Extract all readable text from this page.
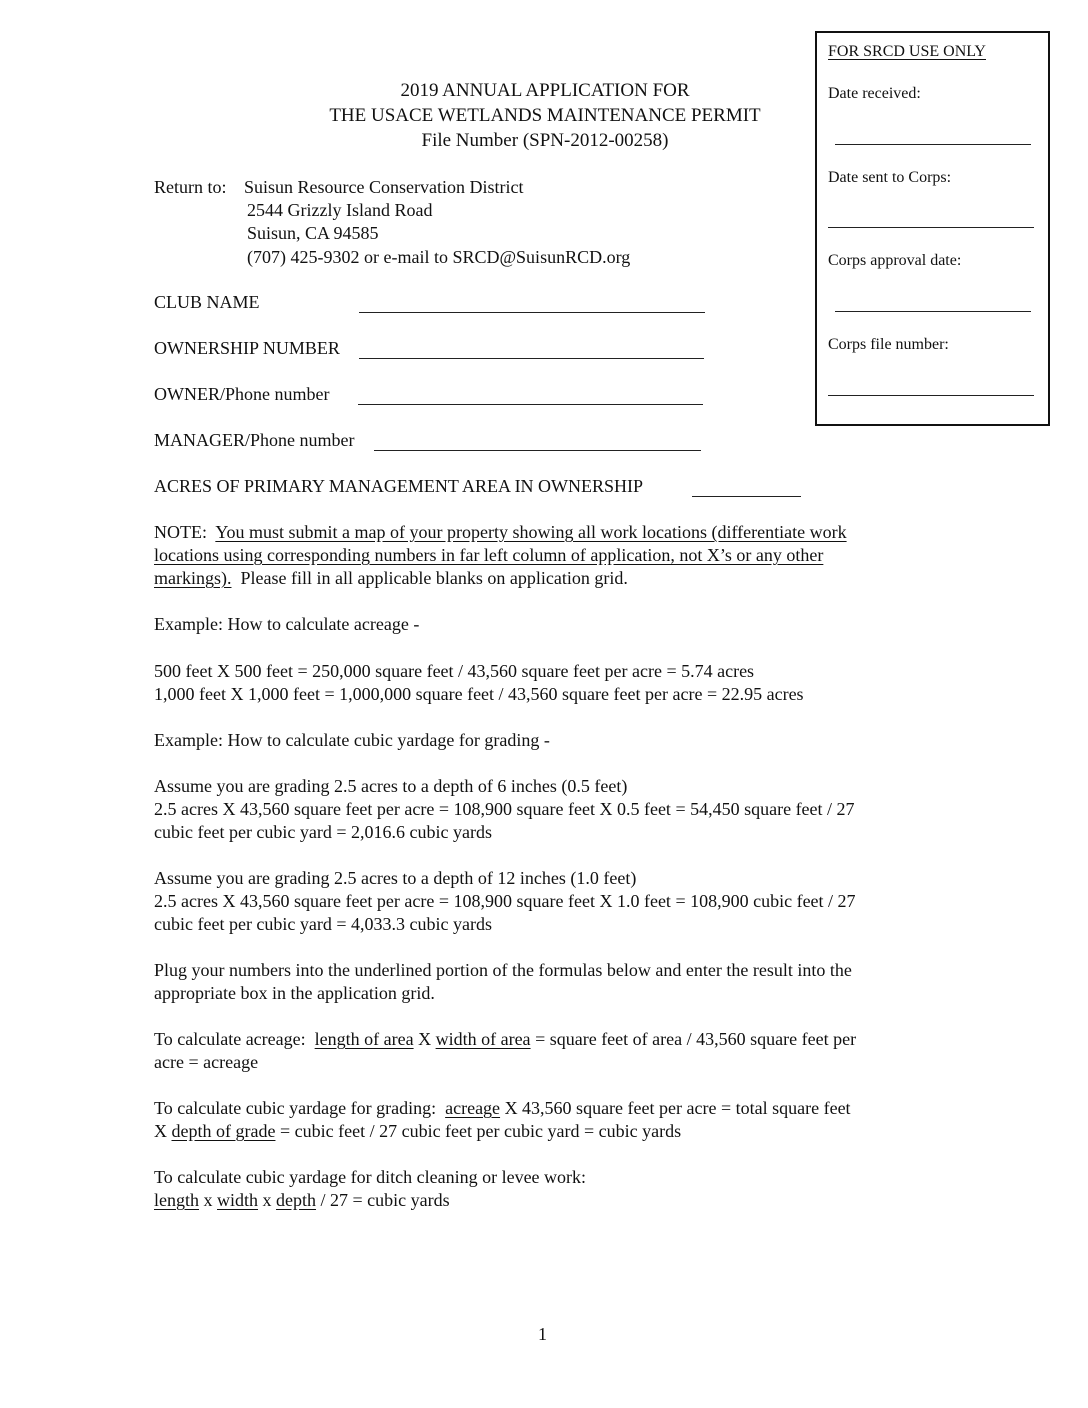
FOR SRCD USE ONLY
Date received:
Date sent to Corps:
Corps approval date:
Corps file number:
2019 ANNUAL APPLICATION FOR
THE USACE WETLANDS MAINTENANCE PERMIT
File Number (SPN-2012-00258)
Return to: Suisun Resource Conservation District
2544 Grizzly Island Road
Suisun, CA 94585
(707) 425-9302 or e-mail to SRCD@SuisunRCD.org
CLUB NAME
OWNERSHIP NUMBER
OWNER/Phone number
MANAGER/Phone number
ACRES OF PRIMARY MANAGEMENT AREA IN OWNERSHIP
NOTE: You must submit a map of your property showing all work locations (differentiate work
locations using corresponding numbers in far left column of application, not X’s or any other
markings). Please fill in all applicable blanks on application grid.
Example: How to calculate acreage -
500 feet X 500 feet = 250,000 square feet / 43,560 square feet per acre = 5.74 acres
1,000 feet X 1,000 feet = 1,000,000 square feet / 43,560 square feet per acre = 22.95 acres
Example: How to calculate cubic yardage for grading -
Assume you are grading 2.5 acres to a depth of 6 inches (0.5 feet)
2.5 acres X 43,560 square feet per acre = 108,900 square feet X 0.5 feet = 54,450 square feet / 27
cubic feet per cubic yard = 2,016.6 cubic yards
Assume you are grading 2.5 acres to a depth of 12 inches (1.0 feet)
2.5 acres X 43,560 square feet per acre = 108,900 square feet X 1.0 feet = 108,900 cubic feet / 27
cubic feet per cubic yard = 4,033.3 cubic yards
Plug your numbers into the underlined portion of the formulas below and enter the result into the
appropriate box in the application grid.
To calculate acreage: length of area X width of area = square feet of area / 43,560 square feet per
acre = acreage
To calculate cubic yardage for grading: acreage X 43,560 square feet per acre = total square feet
X depth of grade = cubic feet / 27 cubic feet per cubic yard = cubic yards
To calculate cubic yardage for ditch cleaning or levee work:
length x width x depth / 27 = cubic yards
1
